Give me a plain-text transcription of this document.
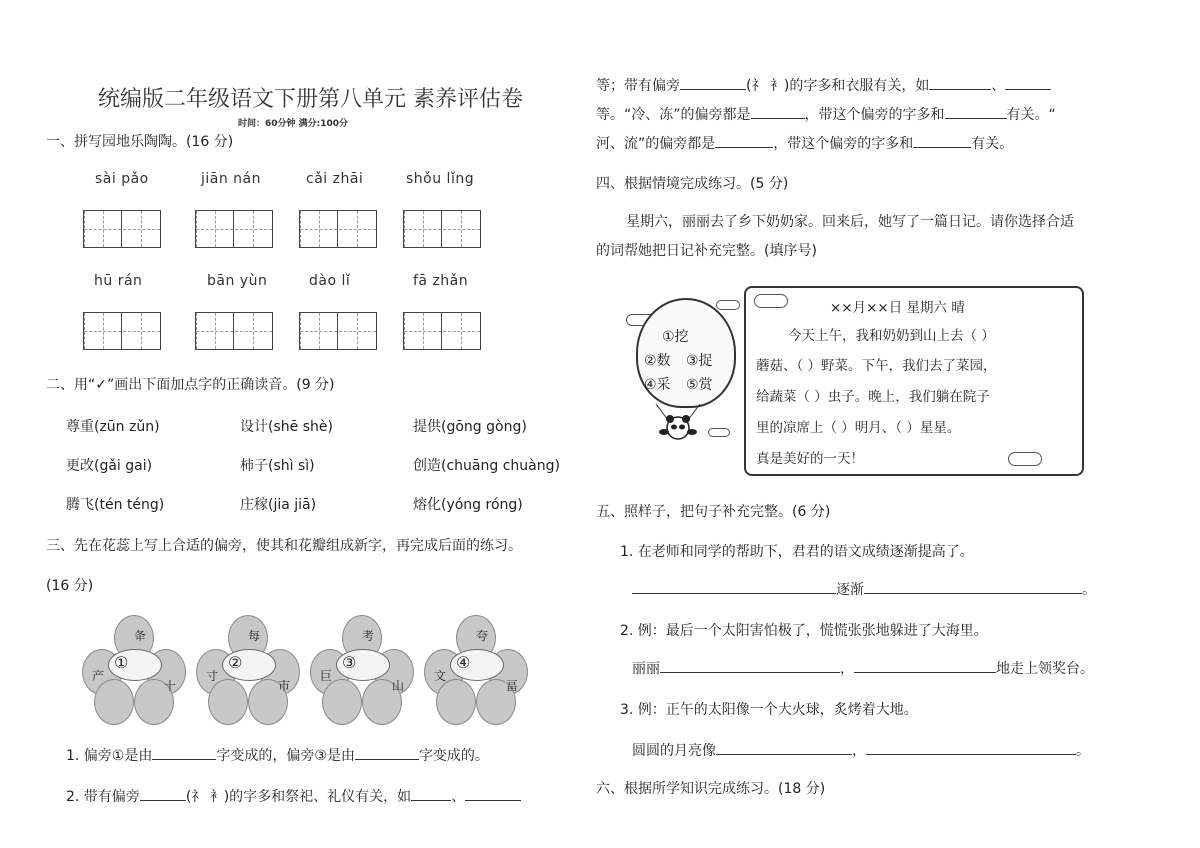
统编版二年级语文下册第八单元 素养评估卷
时间：60分钟 满分:100分
一、拼写园地乐陶陶。(16 分)
sài pǎo	jiān nán	cǎi zhāi	shǒu lǐng
hū rán	bān yùn	dào lǐ	fā zhǎn
二、用“✓”画出下面加点字的正确读音。(9 分)
尊重(zūn zǔn)	设计(shē shè)	提供(gōng gòng)
更改(gǎi gai)	柿子(shì sì)	创造(chuāng chuàng)
腾飞(tén téng)	庄稼(jia jiā)	熔化(yóng róng)
三、先在花蕊上写上合适的偏旁，使其和花瓣组成新字，再完成后面的练习。
(16 分)
夅
产
十
①
每
寸
市
②
考
巨
山
③
夸
文
畐
④
1. 偏旁①是由	字变成的，偏旁③是由	字变成的。
2. 带有偏旁	(礻 衤)的字多和祭祀、礼仪有关，如	、
等；带有偏旁	(礻 衤)的字多和衣服有关，如	、
等。“冷、冻”的偏旁都是	，带这个偏旁的字多和	有关。“
河、流”的偏旁都是	，带这个偏旁的字多和	有关。
四、根据情境完成练习。(5 分)
星期六，丽丽去了乡下奶奶家。回来后，她写了一篇日记。请你选择合适
的词帮她把日记补充完整。(填序号)
①挖
②数 ③捉
④采 ⑤赏
××月××日 星期六 晴
今天上午，我和奶奶到山上去（ ）
蘑菇、（ ）野菜。下午，我们去了菜园，
给蔬菜（ ）虫子。晚上，我们躺在院子
里的凉席上（ ）明月、（ ）星星。
真是美好的一天！
五、照样子，把句子补充完整。(6 分)
1. 在老师和同学的帮助下，君君的语文成绩逐渐提高了。
逐渐	。
2. 例：最后一个太阳害怕极了，慌慌张张地躲进了大海里。
丽丽	，	地走上领奖台。
3. 例：正午的太阳像一个大火球，炙烤着大地。
圆圆的月亮像	，	。
六、根据所学知识完成练习。(18 分)
